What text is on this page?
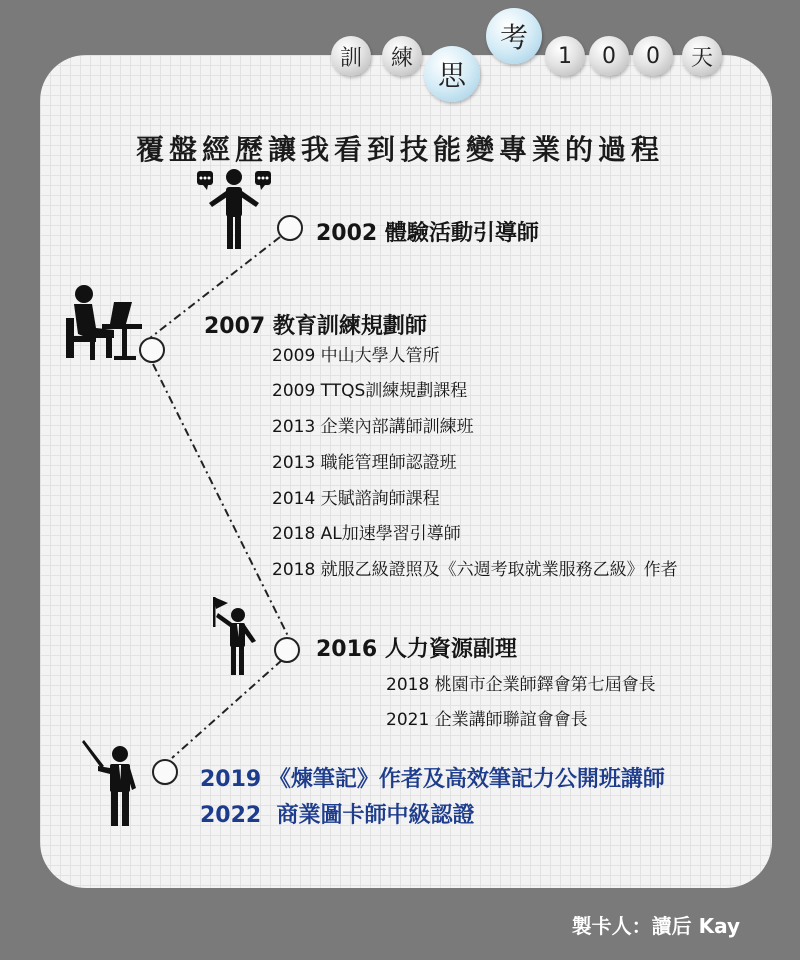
訓	練
思
考
1	0	0	天
覆盤經歷讓我看到技能變專業的過程
2002 體驗活動引導師
2007 教育訓練規劃師
2009 中山大學人管所
2009 TTQS訓練規劃課程
2013 企業內部講師訓練班
2013 職能管理師認證班
2014 天賦諮詢師課程
2018 AL加速學習引導師
2018 就服乙級證照及《六週考取就業服務乙級》作者
2016 人力資源副理
2018 桃園市企業師鐸會第七屆會長
2021 企業講師聯誼會會長
2019 《煉筆記》作者及高效筆記力公開班講師
2022  商業圖卡師中級認證
製卡人：讀后 Kay
